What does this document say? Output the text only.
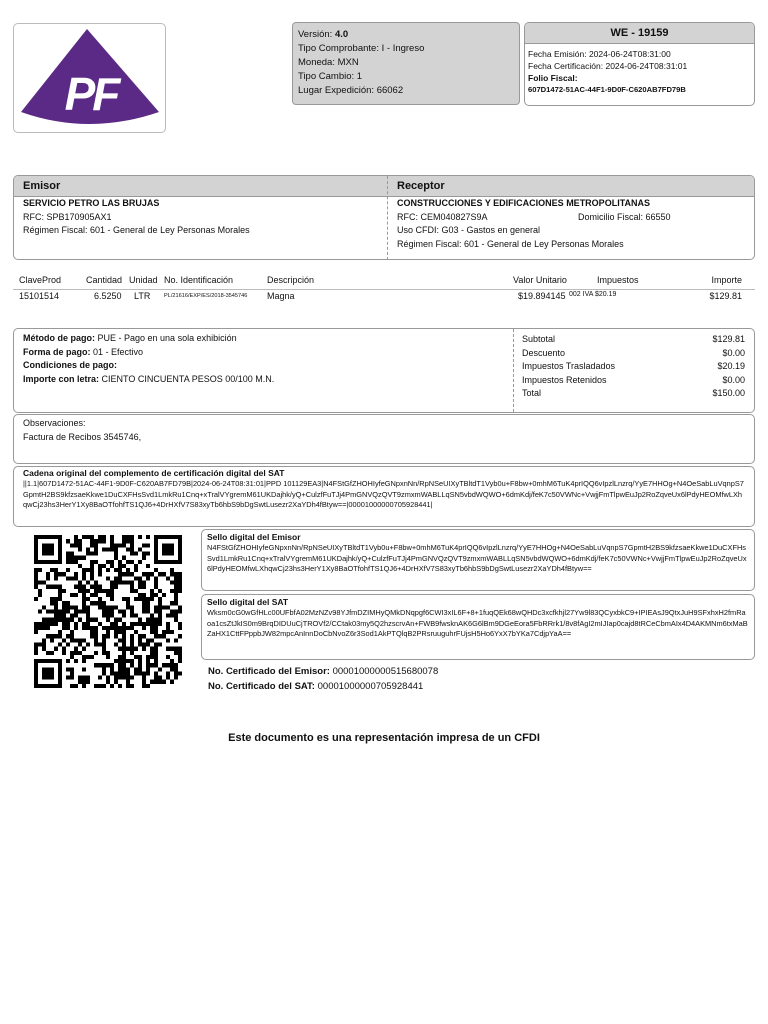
PF
Versión: 4.0
Tipo Comprobante: I - Ingreso
Moneda: MXN
Tipo Cambio: 1
Lugar Expedición: 66062
WE - 19159
Fecha Emisión: 2024-06-24T08:31:00
Fecha Certificación: 2024-06-24T08:31:01
Folio Fiscal:
607D1472-51AC-44F1-9D0F-C620AB7FD79B
Emisor	Receptor
SERVICIO PETRO LAS BRUJAS
RFC: SPB170905AX1
Régimen Fiscal: 601 - General de Ley Personas Morales
CONSTRUCCIONES Y EDIFICACIONES METROPOLITANAS
RFC: CEM040827S9A	Domicilio Fiscal: 66550
Uso CFDI: G03 - Gastos en general
Régimen Fiscal: 601 - General de Ley Personas Morales
ClaveProd	Cantidad Unidad No. Identificación	Descripción	Valor Unitario	Impuestos	Importe
15101514	6.5250 LTR PL/21616/EXP/ES/2018-3545746 Magna	$19.894145 002 IVA $20.19	$129.81
Método de pago: PUE - Pago en una sola exhibición
Forma de pago: 01 - Efectivo
Condiciones de pago:
Importe con letra: CIENTO CINCUENTA PESOS 00/100 M.N.
Subtotal	$129.81
Descuento	$0.00
Impuestos Trasladados	$20.19
Impuestos Retenidos	$0.00
Total	$150.00
Observaciones:
Factura de Recibos 3545746,
Cadena original del complemento de certificación digital del SAT
||1.1|607D1472-51AC-44F1-9D0F-C620AB7FD79B|2024-06-24T08:31:01|PPD 101129EA3|N4FStGfZHOHIyfeGNpxnNn/RpNSeUIXyTBltdT1Vyb0u+F8bw+0mhM6TuK4prIQQ6vIpzlLnzrq/YyE7HHOg+N4OeSabLuVqnpS7GpmtH2BS9kfzsaeKkwe1DuCXFHsSvd1LmkRu1Cnq+xTralVYgremM61UKDajhk/yQ+CulzfFuTJj4PmGNVQzQVT9zmxmWABLLqSN5vbdWQWO+6dmKdj/feK7c50VWNc+VwjjFmTlpwEuJp2RoZqveUx6lPdyHEOMfwLXhqwCj23hs3HerY1Xy8BaOTfohfTS1QJ6+4DrHXfV7S83xyTb6hbS9bDgSwtLusezr2XaYDh4fBtyw==|00001000000705928441|
Sello digital del Emisor
N4FStGfZHOHIyfeGNpxnNn/RpNSeUIXyTBltdT1Vyb0u+F8bw+0mhM6TuK4prIQQ6vIpzlLnzrq/YyE7HHOg+N4OeSabLuVqnpS7GpmtH2BS9kfzsaeKkwe1DuCXFHsSvd1LmkRu1Cnq+xTralVYgremM61UKDajhk/yQ+CulzfFuTJj4PmGNVQzQVT9zmxmWABLLqSN5vbdWQWO+6dmKdj/feK7c50VWNc+VwjjFmTlpwEuJp2RoZqveUx6lPdyHEOMfwLXhqwCj23hs3HerY1Xy8BaOTfohfTS1QJ6+4DrHXfV7S83xyTb6hbS9bDgSwtLusezr2XaYDh4fBtyw==
Sello digital del SAT
Wksm0cG0wGfHLc00UFbfA02MzNZv98YJfmDZIMHyQMkDNqpgf6CWI3xIL6F+8+1fuqQEk68wQHDc3xcfkhjl27Yw9l83QCyxbkC9+IPIEAsJ9QtxJuH9SFxhxH2fmRaoa1csZtJkIS0m9BrqDIDUuCjTROVf2/CCtak03my5Q2hzscrvAn+FWB9fwsknAK6G6lBm9DGeEora5FbRRrk1/8v8fAgI2mIJIap0cajd8tRCeCbmAIx4D4AKMNm6txMaBZaHX1CttFPppbJW82mpcAnInnDoCbNvoZ6r3Sod1AkPTQlqB2PRsruuguhrFUjsH5Ho6YxX7bYKa7CdjpYaA==
No. Certificado del Emisor: 00001000000515680078
No. Certificado del SAT: 00001000000705928441
Este documento es una representación impresa de un CFDI
